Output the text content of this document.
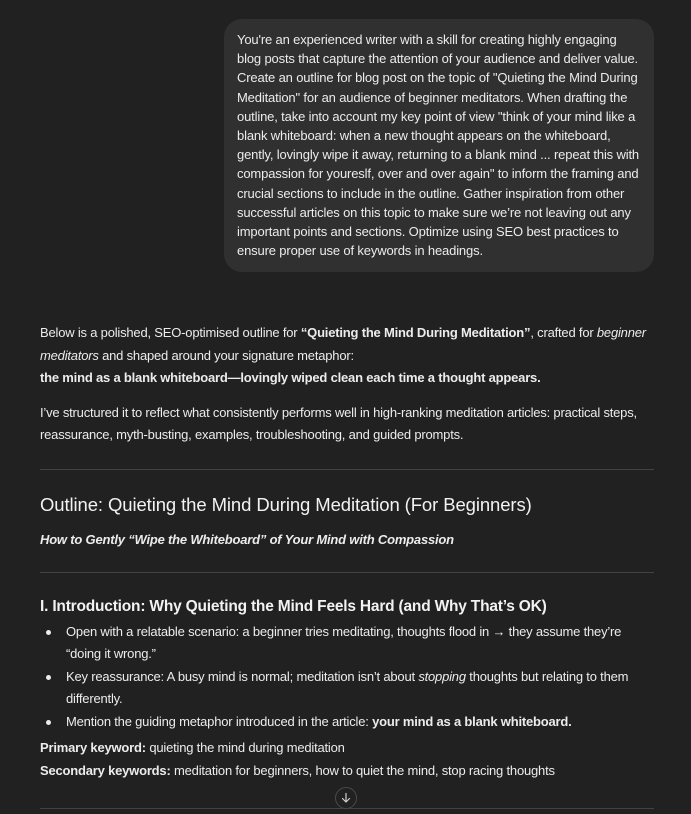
You're an experienced writer with a skill for creating highly engaging blog posts that capture the attention of your audience and deliver value. Create an outline for blog post on the topic of "Quieting the Mind During Meditation" for an audience of beginner meditators. When drafting the outline, take into account my key point of view "think of your mind like a blank whiteboard: when a new thought appears on the whiteboard, gently, lovingly wipe it away, returning to a blank mind ... repeat this with compassion for youreslf, over and over again" to inform the framing and crucial sections to include in the outline. Gather inspiration from other successful articles on this topic to make sure we’re not leaving out any important points and sections. Optimize using SEO best practices to ensure proper use of keywords in headings.

Below is a polished, SEO-optimised outline for “Quieting the Mind During Meditation”, crafted for beginner meditators and shaped around your signature metaphor:
the mind as a blank whiteboard—lovingly wiped clean each time a thought appears.

I’ve structured it to reflect what consistently performs well in high-ranking meditation articles: practical steps, reassurance, myth-busting, examples, troubleshooting, and guided prompts.

Outline: Quieting the Mind During Meditation (For Beginners)

How to Gently “Wipe the Whiteboard” of Your Mind with Compassion

I. Introduction: Why Quieting the Mind Feels Hard (and Why That’s OK)
Open with a relatable scenario: a beginner tries meditating, thoughts flood in → they assume they’re “doing it wrong.”
Key reassurance: A busy mind is normal; meditation isn’t about stopping thoughts but relating to them differently.
Mention the guiding metaphor introduced in the article: your mind as a blank whiteboard.

Primary keyword: quieting the mind during meditation

Secondary keywords: meditation for beginners, how to quiet the mind, stop racing thoughts
